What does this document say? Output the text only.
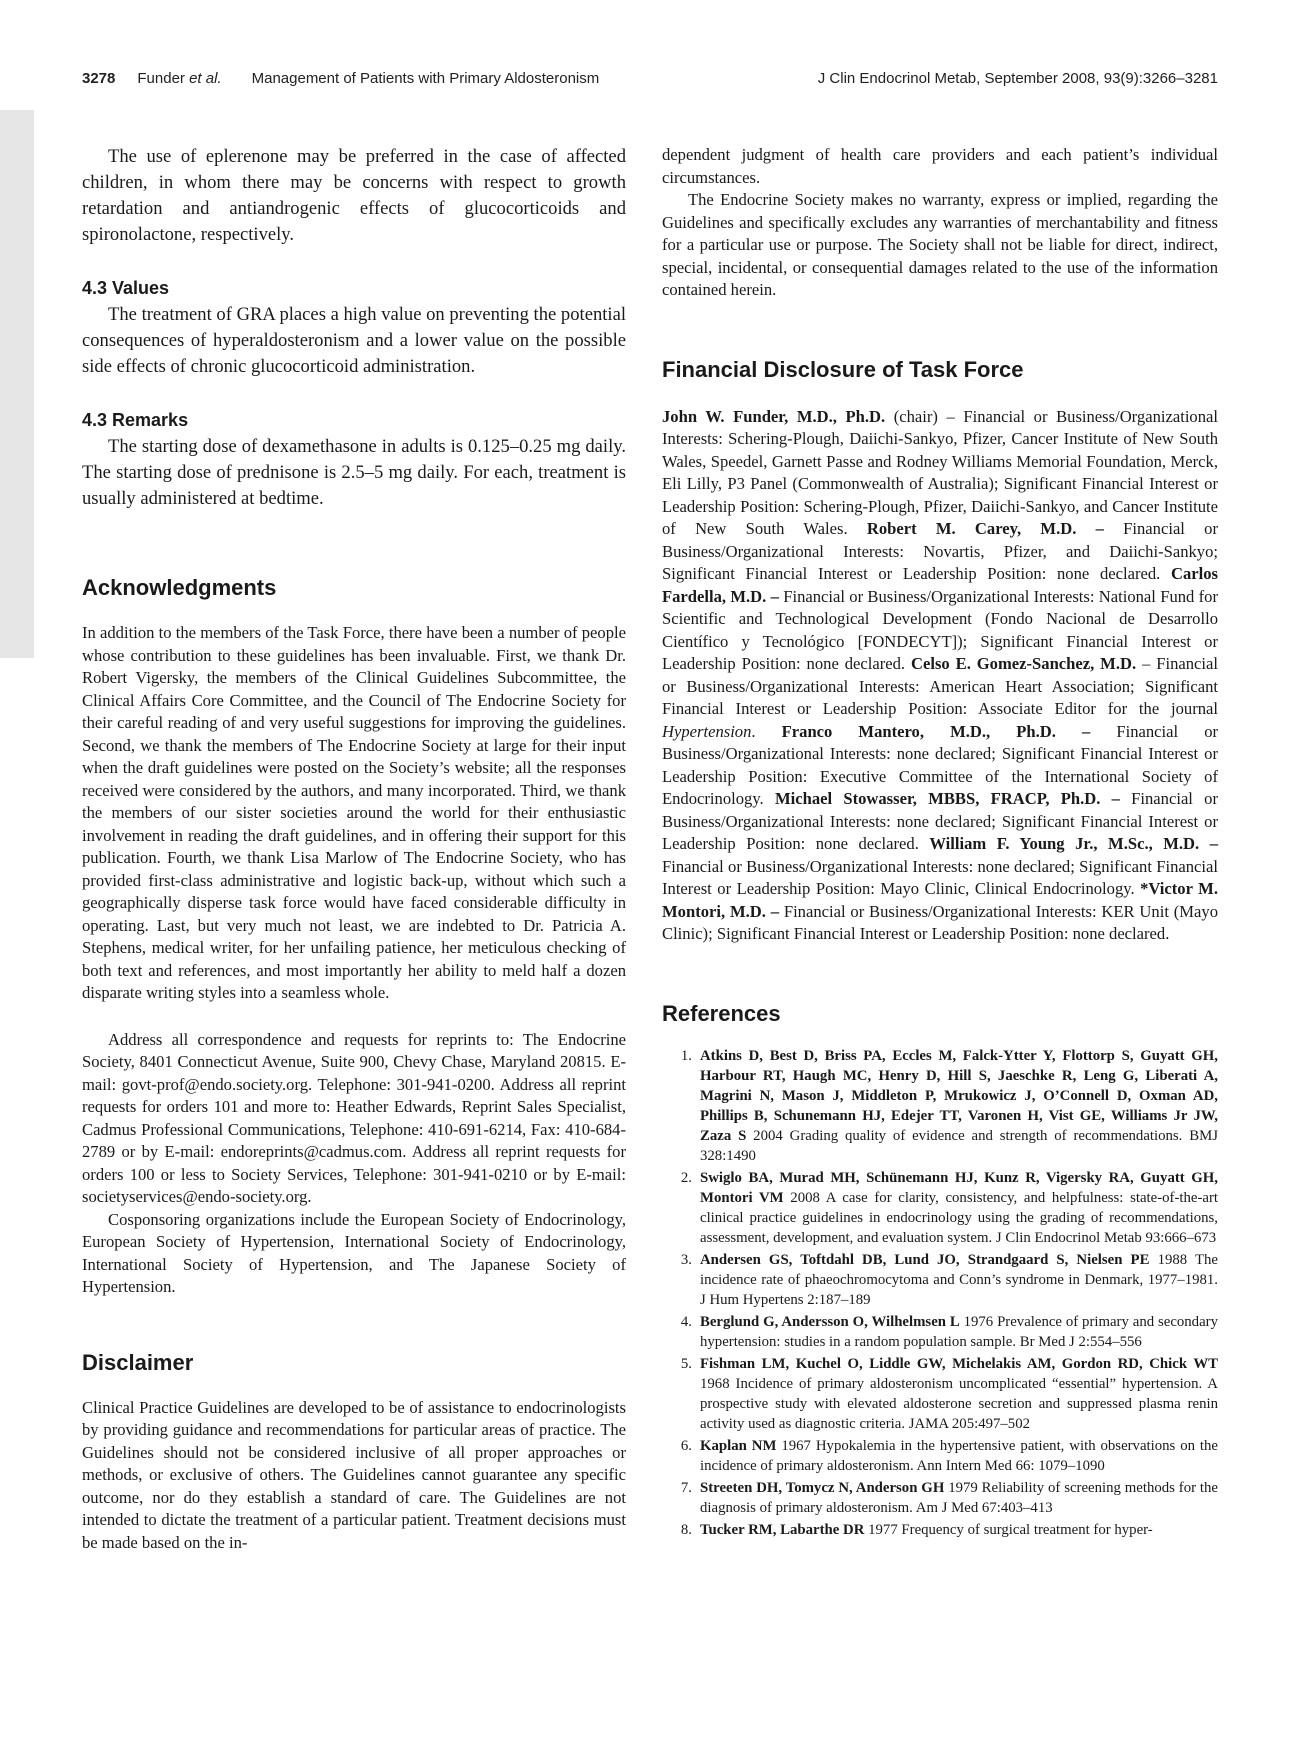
3278 Funder et al. Management of Patients with Primary Aldosteronism	J Clin Endocrinol Metab, September 2008, 93(9):3266–3281

The use of eplerenone may be preferred in the case of affected children, in whom there may be concerns with respect to growth retardation and antiandrogenic effects of glucocorticoids and spironolactone, respectively.

4.3 Values

The treatment of GRA places a high value on preventing the potential consequences of hyperaldosteronism and a lower value on the possible side effects of chronic glucocorticoid administration.

4.3 Remarks

The starting dose of dexamethasone in adults is 0.125–0.25 mg daily. The starting dose of prednisone is 2.5–5 mg daily. For each, treatment is usually administered at bedtime.

Acknowledgments

In addition to the members of the Task Force, there have been a number of people whose contribution to these guidelines has been invaluable. First, we thank Dr. Robert Vigersky, the members of the Clinical Guidelines Subcommittee, the Clinical Affairs Core Committee, and the Council of The Endocrine Society for their careful reading of and very useful suggestions for improving the guidelines. Second, we thank the members of The Endocrine Society at large for their input when the draft guidelines were posted on the Society’s website; all the responses received were considered by the authors, and many incorporated. Third, we thank the members of our sister societies around the world for their enthusiastic involvement in reading the draft guidelines, and in offering their support for this publication. Fourth, we thank Lisa Marlow of The Endocrine Society, who has provided first-class administrative and logistic back-up, without which such a geographically disperse task force would have faced considerable difficulty in operating. Last, but very much not least, we are indebted to Dr. Patricia A. Stephens, medical writer, for her unfailing patience, her meticulous checking of both text and references, and most importantly her ability to meld half a dozen disparate writing styles into a seamless whole.

Address all correspondence and requests for reprints to: The Endocrine Society, 8401 Connecticut Avenue, Suite 900, Chevy Chase, Maryland 20815. E-mail: govt-prof@endo.society.org. Telephone: 301-941-0200. Address all reprint requests for orders 101 and more to: Heather Edwards, Reprint Sales Specialist, Cadmus Professional Communications, Telephone: 410-691-6214, Fax: 410-684-2789 or by E-mail: endoreprints@cadmus.com. Address all reprint requests for orders 100 or less to Society Services, Telephone: 301-941-0210 or by E-mail: societyservices@endo-society.org.

Cosponsoring organizations include the European Society of Endocrinology, European Society of Hypertension, International Society of Endocrinology, International Society of Hypertension, and The Japanese Society of Hypertension.

Disclaimer

Clinical Practice Guidelines are developed to be of assistance to endocrinologists by providing guidance and recommendations for particular areas of practice. The Guidelines should not be considered inclusive of all proper approaches or methods, or exclusive of others. The Guidelines cannot guarantee any specific outcome, nor do they establish a standard of care. The Guidelines are not intended to dictate the treatment of a particular patient. Treatment decisions must be made based on the in-

dependent judgment of health care providers and each patient’s individual circumstances.

The Endocrine Society makes no warranty, express or implied, regarding the Guidelines and specifically excludes any warranties of merchantability and fitness for a particular use or purpose. The Society shall not be liable for direct, indirect, special, incidental, or consequential damages related to the use of the information contained herein.

Financial Disclosure of Task Force

John W. Funder, M.D., Ph.D. (chair) – Financial or Business/Organizational Interests: Schering-Plough, Daiichi-Sankyo, Pfizer, Cancer Institute of New South Wales, Speedel, Garnett Passe and Rodney Williams Memorial Foundation, Merck, Eli Lilly, P3 Panel (Commonwealth of Australia); Significant Financial Interest or Leadership Position: Schering-Plough, Pfizer, Daiichi-Sankyo, and Cancer Institute of New South Wales. Robert M. Carey, M.D. – Financial or Business/Organizational Interests: Novartis, Pfizer, and Daiichi-Sankyo; Significant Financial Interest or Leadership Position: none declared. Carlos Fardella, M.D. – Financial or Business/Organizational Interests: National Fund for Scientific and Technological Development (Fondo Nacional de Desarrollo Científico y Tecnológico [FONDECYT]); Significant Financial Interest or Leadership Position: none declared. Celso E. Gomez-Sanchez, M.D. – Financial or Business/Organizational Interests: American Heart Association; Significant Financial Interest or Leadership Position: Associate Editor for the journal Hypertension. Franco Mantero, M.D., Ph.D. – Financial or Business/Organizational Interests: none declared; Significant Financial Interest or Leadership Position: Executive Committee of the International Society of Endocrinology. Michael Stowasser, MBBS, FRACP, Ph.D. – Financial or Business/Organizational Interests: none declared; Significant Financial Interest or Leadership Position: none declared. William F. Young Jr., M.Sc., M.D. – Financial or Business/Organizational Interests: none declared; Significant Financial Interest or Leadership Position: Mayo Clinic, Clinical Endocrinology. *Victor M. Montori, M.D. – Financial or Business/Organizational Interests: KER Unit (Mayo Clinic); Significant Financial Interest or Leadership Position: none declared.

References
1. Atkins D, Best D, Briss PA, Eccles M, Falck-Ytter Y, Flottorp S, Guyatt GH, Harbour RT, Haugh MC, Henry D, Hill S, Jaeschke R, Leng G, Liberati A, Magrini N, Mason J, Middleton P, Mrukowicz J, O’Connell D, Oxman AD, Phillips B, Schunemann HJ, Edejer TT, Varonen H, Vist GE, Williams Jr JW, Zaza S 2004 Grading quality of evidence and strength of recommendations. BMJ 328:1490
2. Swiglo BA, Murad MH, Schünemann HJ, Kunz R, Vigersky RA, Guyatt GH, Montori VM 2008 A case for clarity, consistency, and helpfulness: state-of-the-art clinical practice guidelines in endocrinology using the grading of recommendations, assessment, development, and evaluation system. J Clin Endocrinol Metab 93:666–673
3. Andersen GS, Toftdahl DB, Lund JO, Strandgaard S, Nielsen PE 1988 The incidence rate of phaeochromocytoma and Conn’s syndrome in Denmark, 1977–1981. J Hum Hypertens 2:187–189
4. Berglund G, Andersson O, Wilhelmsen L 1976 Prevalence of primary and secondary hypertension: studies in a random population sample. Br Med J 2:554–556
5. Fishman LM, Kuchel O, Liddle GW, Michelakis AM, Gordon RD, Chick WT 1968 Incidence of primary aldosteronism uncomplicated “essential” hypertension. A prospective study with elevated aldosterone secretion and suppressed plasma renin activity used as diagnostic criteria. JAMA 205:497–502
6. Kaplan NM 1967 Hypokalemia in the hypertensive patient, with observations on the incidence of primary aldosteronism. Ann Intern Med 66: 1079–1090
7. Streeten DH, Tomycz N, Anderson GH 1979 Reliability of screening methods for the diagnosis of primary aldosteronism. Am J Med 67:403–413
8. Tucker RM, Labarthe DR 1977 Frequency of surgical treatment for hyper-
